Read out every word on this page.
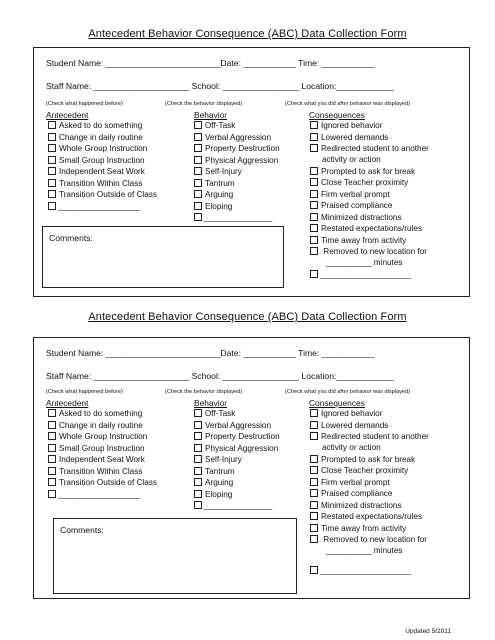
Antecedent Behavior Consequence (ABC) Data Collection Form
Student Name: ________________________Date: ___________ Time: ___________
Staff Name: ____________________ School: ________________ Location:____________
(Check what happened before)	(Check the behavior displayed)	(Check what you did after behavior was displayed)
Antecedent	Behavior	Consequences
Asked to do something
Change in daily routine
Whole Group Instruction
Small Group Instruction
Independent Seat Work
Transition Within Class
Transition Outside of Class
__________________
Off-Task
Verbal Aggression
Property Destruction
Physical Aggression
Self-Injury
Tantrum
Arguing
Eloping
_______________
Ignored behavior
Lowered demands
Redirected student to another
activity or action
Prompted to ask for break
Close Teacher proximity
Firm verbal prompt
Praised compliance
Minimized distractions
Restated expectations/rules
Time away from activity
Removed to new location for
__________ minutes
____________________
Comments:
Antecedent Behavior Consequence (ABC) Data Collection Form
Student Name: ________________________Date: ___________ Time: ___________
Staff Name: ____________________ School: ________________ Location:____________
(Check what happened before)	(Check the behavior displayed)	(Check what you did after behavior was displayed)
Antecedent	Behavior	Consequences
Asked to do something
Change in daily routine
Whole Group Instruction
Small Group Instruction
Independent Seat Work
Transition Within Class
Transition Outside of Class
__________________
Off-Task
Verbal Aggression
Property Destruction
Physical Aggression
Self-Injury
Tantrum
Arguing
Eloping
_______________
Ignored behavior
Lowered demands
Redirected student to another
activity or action
Prompted to ask for break
Close Teacher proximity
Firm verbal prompt
Praised compliance
Minimized distractions
Restated expectations/rules
Time away from activity
Removed to new location for
__________ minutes
____________________
Comments:
Updated 5/2011
